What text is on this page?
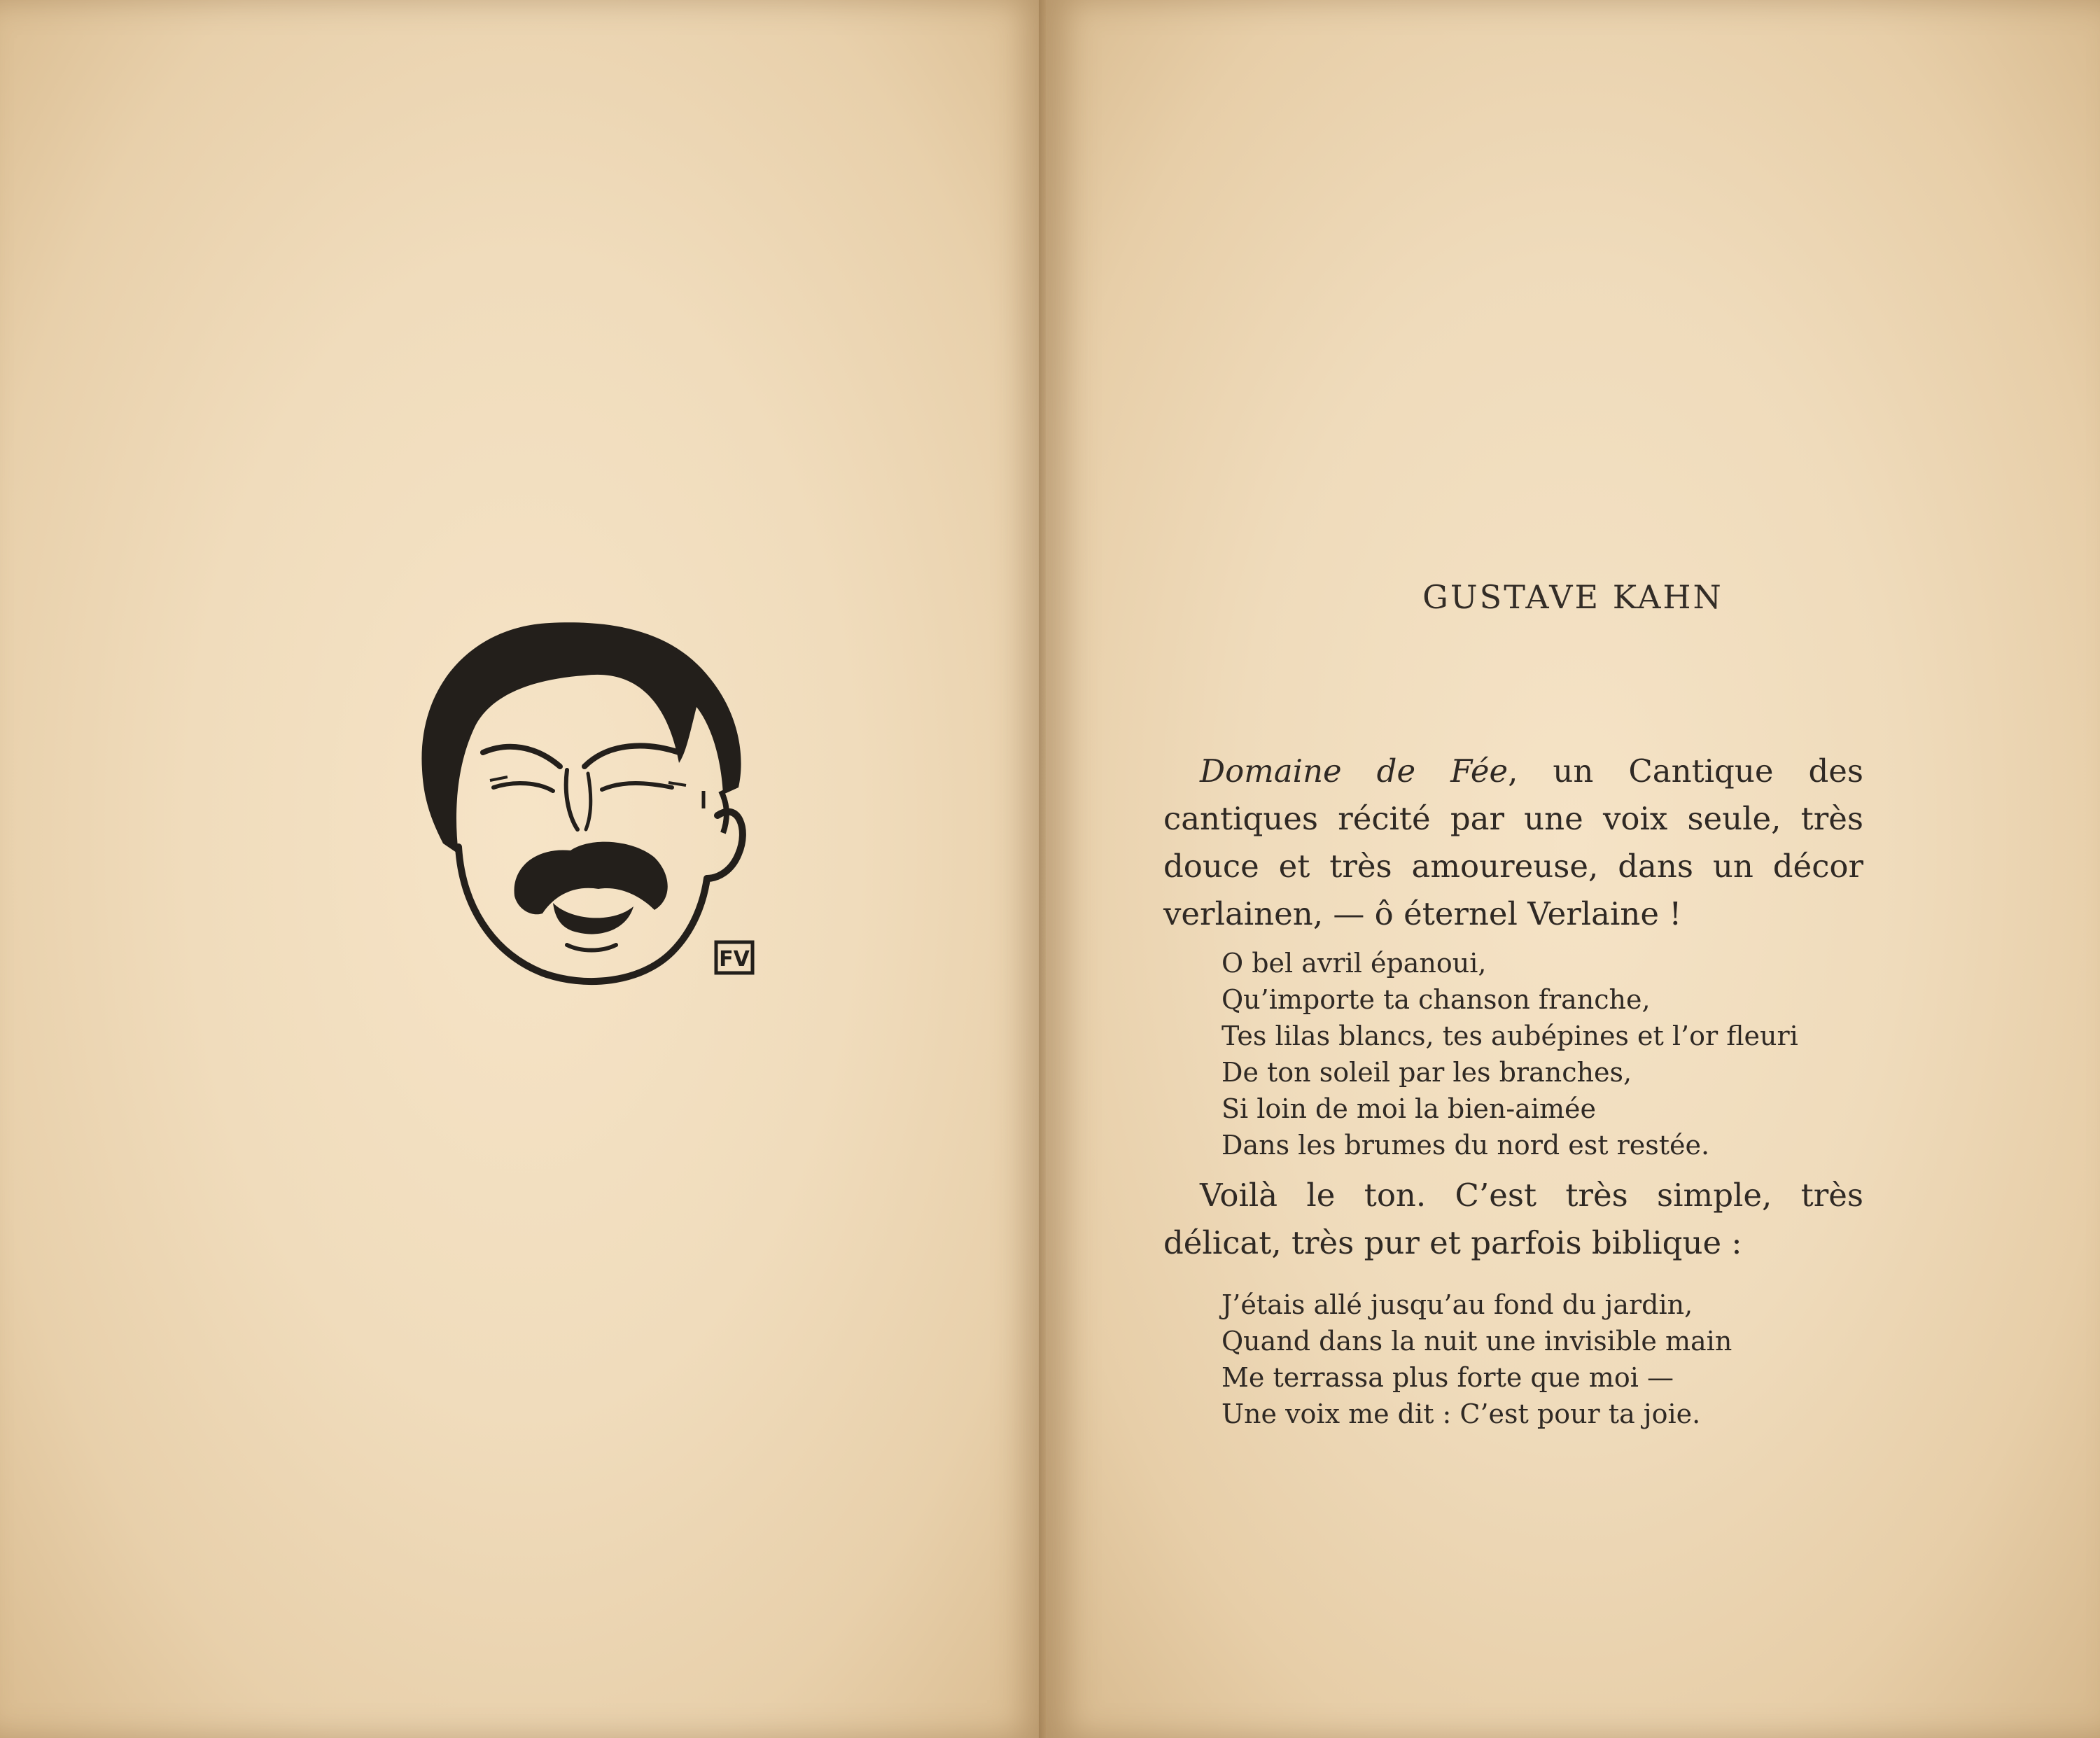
FV
GUSTAVE KAHN

Domaine de Fée, un Cantique des cantiques récité par une voix seule, très douce et très amoureuse, dans un décor verlainen, — ô éternel Verlaine !

O bel avril épanoui,
Qu’importe ta chanson franche,
Tes lilas blancs, tes aubépines et l’or fleuri
De ton soleil par les branches,
Si loin de moi la bien-aimée
Dans les brumes du nord est restée.

Voilà le ton. C’est très simple, très délicat, très pur et parfois biblique :

J’étais allé jusqu’au fond du jardin,
Quand dans la nuit une invisible main
Me terrassa plus forte que moi —
Une voix me dit : C’est pour ta joie.
